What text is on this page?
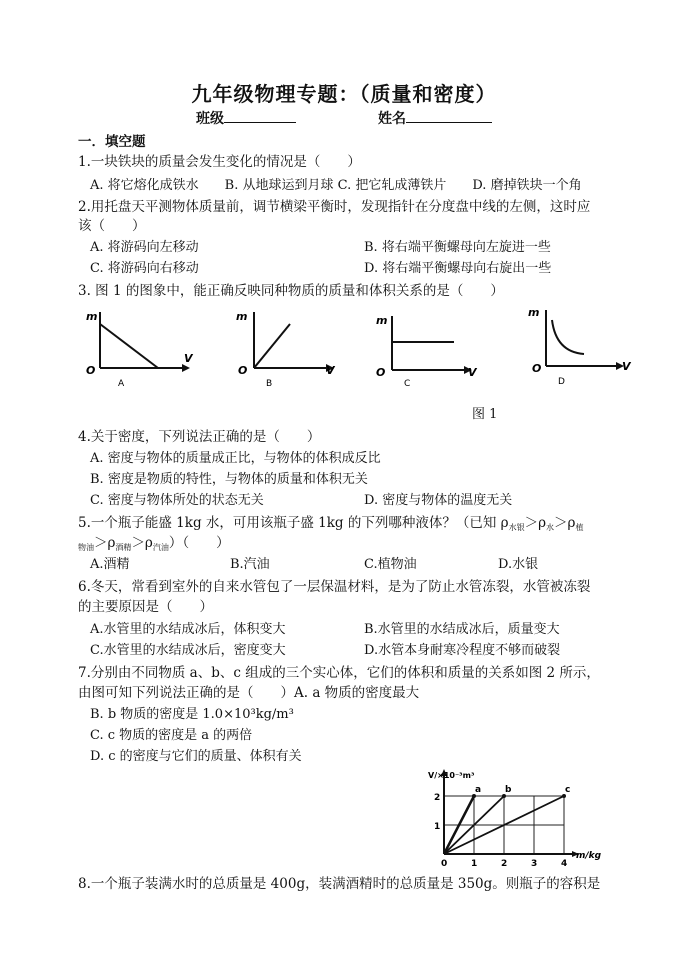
九年级物理专题：（质量和密度）
班级	姓名
一．填空题
1.一块铁块的质量会发生变化的情况是（　　）
A. 将它熔化成铁水　　B. 从地球运到月球 C. 把它轧成薄铁片　　D. 磨掉铁块一个角
2.用托盘天平测物体质量前，调节横梁平衡时，发现指针在分度盘中线的左侧，这时应
该（　　）
A. 将游码向左移动	B. 将右端平衡螺母向左旋进一些
C. 将游码向右移动	D. 将右端平衡螺母向右旋出一些
3. 图 1 的图象中，能正确反映同种物质的质量和体积关系的是（　　）
m
O
V
A
m
O	V
B
m
O	V
C
m
O	V
D
图 1
4.关于密度，下列说法正确的是（　　）
A. 密度与物体的质量成正比，与物体的体积成反比
B. 密度是物质的特性，与物体的质量和体积无关
C. 密度与物体所处的状态无关	D. 密度与物体的温度无关
5.一个瓶子能盛 1kg 水，可用该瓶子盛 1kg 的下列哪种液体？（已知 $\rho_{水银}>\rho_水>\rho_植$
$_{物油}>\rho_{酒精}>\rho_{汽油}$）（　　）
A.酒精	B.汽油	C.植物油	D.水银
6.冬天，常看到室外的自来水管包了一层保温材料，是为了防止水管冻裂，水管被冻裂
的主要原因是（　　）
A.水管里的水结成冰后，体积变大	B.水管里的水结成冰后，质量变大
C.水管里的水结成冰后，密度变大	D.水管本身耐寒冷程度不够而破裂
7.分别由不同物质 a、b、c 组成的三个实心体，它们的体积和质量的关系如图 2 所示，
由图可知下列说法正确的是（　　）A. a 物质的密度最大
B. b 物质的密度是 1.0×10³kg/m³
C. c 物质的密度是 a 的两倍
D. c 的密度与它们的质量、体积有关
a	b	c
0	1	2	3	4
1
2
V/×10⁻³m³
m/kg
8.一个瓶子装满水时的总质量是 400g，装满酒精时的总质量是 350g。则瓶子的容积是
